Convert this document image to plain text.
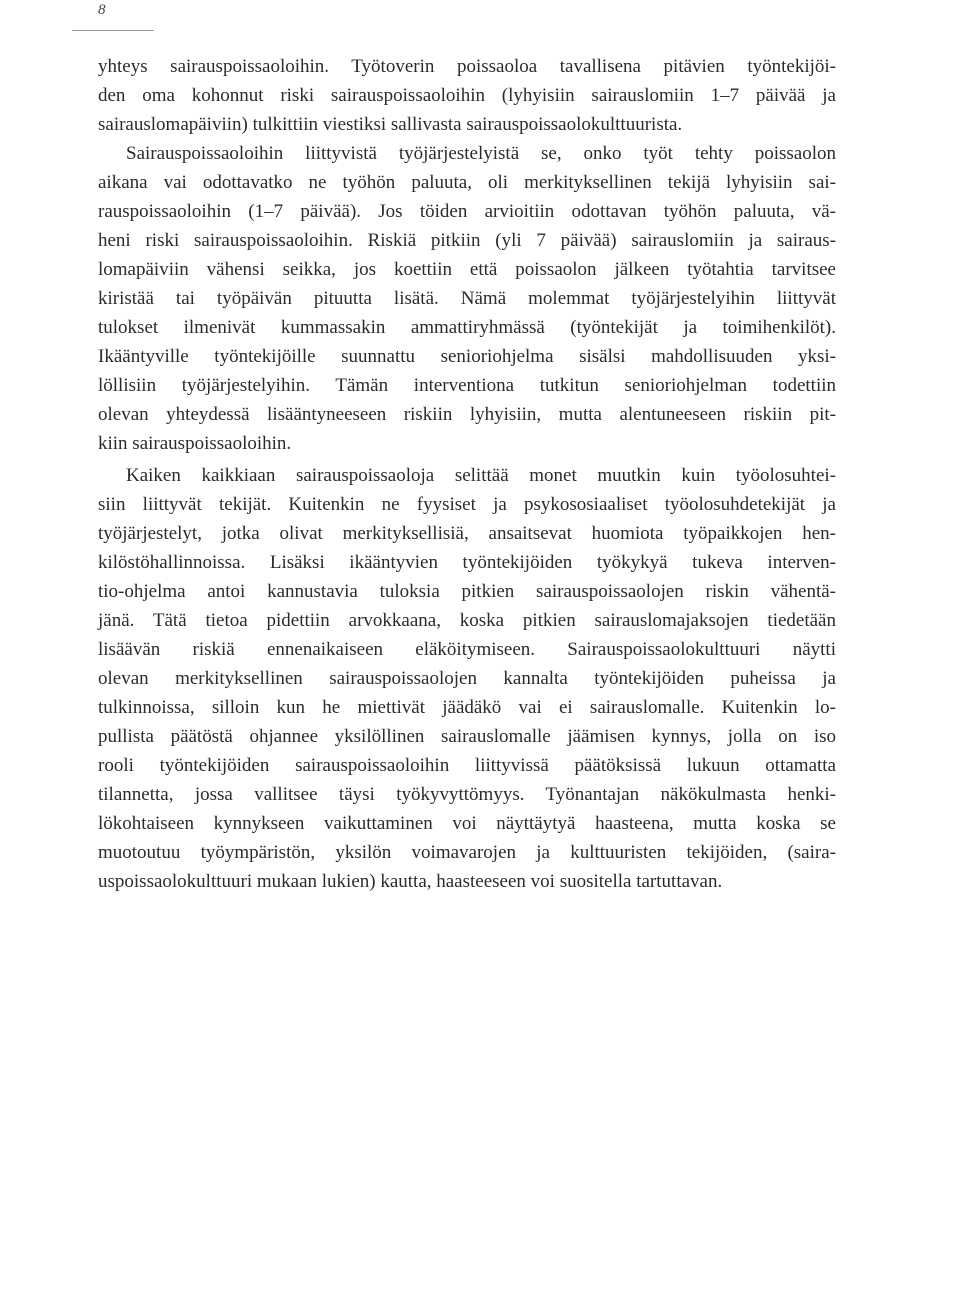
8
yhteys sairauspoissaoloihin. Työtoverin poissaoloa tavallisena pitävien työntekijöi-
den oma kohonnut riski sairauspoissaoloihin (lyhyisiin sairauslomiin 1–7 päivää ja
sairauslomapäiviin) tulkittiin viestiksi sallivasta sairauspoissaolokulttuurista.
Sairauspoissaoloihin liittyvistä työjärjestelyistä se, onko työt tehty poissaolon
aikana vai odottavatko ne työhön paluuta, oli merkityksellinen tekijä lyhyisiin sai-
rauspoissaoloihin (1–7 päivää). Jos töiden arvioitiin odottavan työhön paluuta, vä-
heni riski sairauspoissaoloihin. Riskiä pitkiin (yli 7 päivää) sairauslomiin ja sairaus-
lomapäiviin vähensi seikka, jos koettiin että poissaolon jälkeen työtahtia tarvitsee
kiristää tai työpäivän pituutta lisätä. Nämä molemmat työjärjestelyihin liittyvät
tulokset ilmenivät kummassakin ammattiryhmässä (työntekijät ja toimihenkilöt).
Ikääntyville työntekijöille suunnattu senioriohjelma sisälsi mahdollisuuden yksi-
löllisiin työjärjestelyihin. Tämän interventiona tutkitun senioriohjelman todettiin
olevan yhteydessä lisääntyneeseen riskiin lyhyisiin, mutta alentuneeseen riskiin pit-
kiin sairauspoissaoloihin.
Kaiken kaikkiaan sairauspoissaoloja selittää monet muutkin kuin työolosuhtei-
siin liittyvät tekijät. Kuitenkin ne fyysiset ja psykososiaaliset työolosuhdetekijät ja
työjärjestelyt, jotka olivat merkityksellisiä, ansaitsevat huomiota työpaikkojen hen-
kilöstöhallinnoissa. Lisäksi ikääntyvien työntekijöiden työkykyä tukeva interven-
tio-ohjelma antoi kannustavia tuloksia pitkien sairauspoissaolojen riskin vähentä-
jänä. Tätä tietoa pidettiin arvokkaana, koska pitkien sairauslomajaksojen tiedetään
lisäävän riskiä ennenaikaiseen eläköitymiseen. Sairauspoissaolokulttuuri näytti
olevan merkityksellinen sairauspoissaolojen kannalta työntekijöiden puheissa ja
tulkinnoissa, silloin kun he miettivät jäädäkö vai ei sairauslomalle. Kuitenkin lo-
pullista päätöstä ohjannee yksilöllinen sairauslomalle jäämisen kynnys, jolla on iso
rooli työntekijöiden sairauspoissaoloihin liittyvissä päätöksissä lukuun ottamatta
tilannetta, jossa vallitsee täysi työkyvyttömyys. Työnantajan näkökulmasta henki-
lökohtaiseen kynnykseen vaikuttaminen voi näyttäytyä haasteena, mutta koska se
muotoutuu työympäristön, yksilön voimavarojen ja kulttuuristen tekijöiden, (saira-
uspoissaolokulttuuri mukaan lukien) kautta, haasteeseen voi suositella tartuttavan.
